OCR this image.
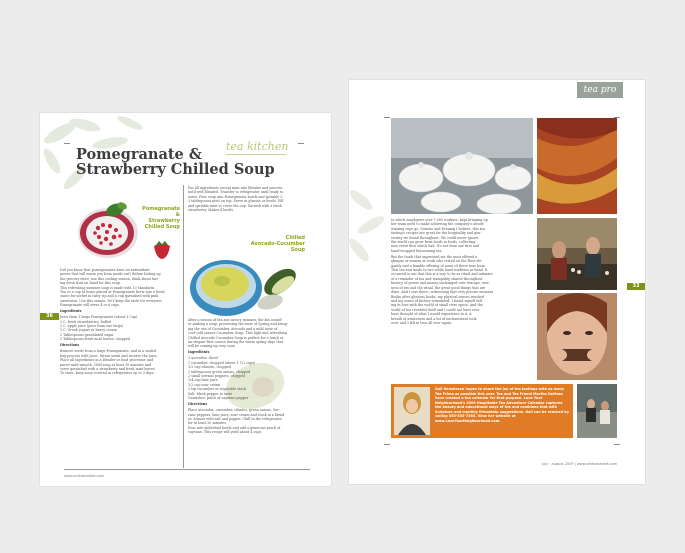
tea kitchen
Pomegranate &
Strawberry Chilled Soup
Pomegranate &
Strawberry
Chilled Soup
36

Did you know that pomegranates have an antioxidant
power that will warm you from inside out? Before hitting up
the grocery store, use this cooling season, think about hav-
ing fresh fruit on hand for this soup.
This refreshing summer soup is made with 10 Mandarin
Tea so a cup at home placed at Pomegranate brew into a fresh
sauce for sorbet in tasty sip and a cup garnished with pink
sweetness. Use this season, let's keep the taste for everyone.
Pomegranate will serve 4 or 6 cups.

Ingredients

Juice from 1 large Pomegranate (about 1 Cup)
2 C. fresh strawberries, hulled
2 C. apple juice (juice from one large)
1 C. Greek yogurt or heavy cream
2 Tablespoons granulated sugar
2 Tablespoons fresh mint leaves, chopped

Directions

Remove seeds from a large Pomegranate, and in a sealed
bag process with juice. Strain seeds and reserve the juice.
Place all ingredients in a blender or food processor and
puree until smooth. Chill soup at least 30 minutes and
serve garnished with a strawberry and fresh mint leaves.
To store, keep soup covered in refrigerator up to 3 days.

Put all ingredients except mint into blender and process
until well blended. Transfer to refrigerator until ready to
serve. Pour soup into Pomegranate bowls and sprinkle 2-
3 tablespoons mint on top. Serve in glasses or bowls. Fill
and sprinkle mint to cover the cup. Garnish with a fresh
strawberry. Makes 4 bowls.

Chilled
Avocado-Cucumber
Soup

After a season of tea and savory summer, the kin consid-
er making a soup, processing the taste of Spring and bring-
ing the use of Cucumber, Avocado and a mild taste of
cool-cold season Cucumber Soup. This light and refreshing
Chilled Avocado-Cucumber Soup is perfect for a lunch or
an elegant first course during the warm spring days that
will be coming up very soon.

Ingredients

2 avocados, diced
1 cucumber, chopped (about 1 1/2 cups)
1/2 cup cilantro, chopped
2 tablespoons green onions, chopped
2 small serrano peppers, chopped
1/4 cup lime juice
1/2 cup sour cream
2 tsp cucumber or vegetable stock
Salt, black pepper to taste
Garnishes: pinch of cayenne pepper

Directions

Place avocados, cucumber, cilantro, green onions, Ser-
rano peppers, lime juice, sour cream and stock in a blend-
er. Season with salt and pepper. Chill in the refrigerator
for at least 20 minutes.
Pour into individual bowls and add a generous pinch of
cayenne. This recipe will yield about 4 cups.

www.omkamarket.com
tea pro

to which employees over 7,000 workers, kept bringing up
her team need to make achieving the company's award-
winning cups go. Sunrise and Evening I believe, this tea
tasting's recipes are great for the hospitality and gen-
erosity we found throughout. We could never ignore
the world can grow from foods in foods, collecting
new event flow which had. It's not from our first and
hand-wrapped blossoming tea.

But the foods that impressed me the most offered a
glimpse of women at work who rested on the floor ele-
gantly and a humble offering of some of these teas from
Thai tea and made to two while hand tradition as hand. It
occurred to me that this is a way to be as ritual and intimate
of a reminder of tea and tranquility shared throughout
history, of power and money exchanged over teacups, new
ness of tea and the ritual, the great good things that are
done. And I was there—witnessing that very precise moment.
Books after glorious books, my physical senses reached
and my sense of history stimulated, I found myself fall-
ing in love with the world of small river space. And the
world of tea revealed itself and I could not have ever
have thought of what I would experience in it. A
breath of awareness and a bit of enchantment took
over, and I fell in love all over again.

33
Gail Henderson hopes to share the joy of tea tastings with as many Tea Prima as possible this year. Tea and Tea Friend Martha DeMoss have created a fun calendar for that purpose. Love Your Neighborhood's 2009 Hospitable Tea Adventure Calendar captures the beauty and educational ways of tea and combines that with Scripture and monthly friendship suggestions. Gail can be reached by calling 555-555-7265. View her website at www.LoveYourNeighborhood.com.
july · august 2009 | www.omkamarket.com
